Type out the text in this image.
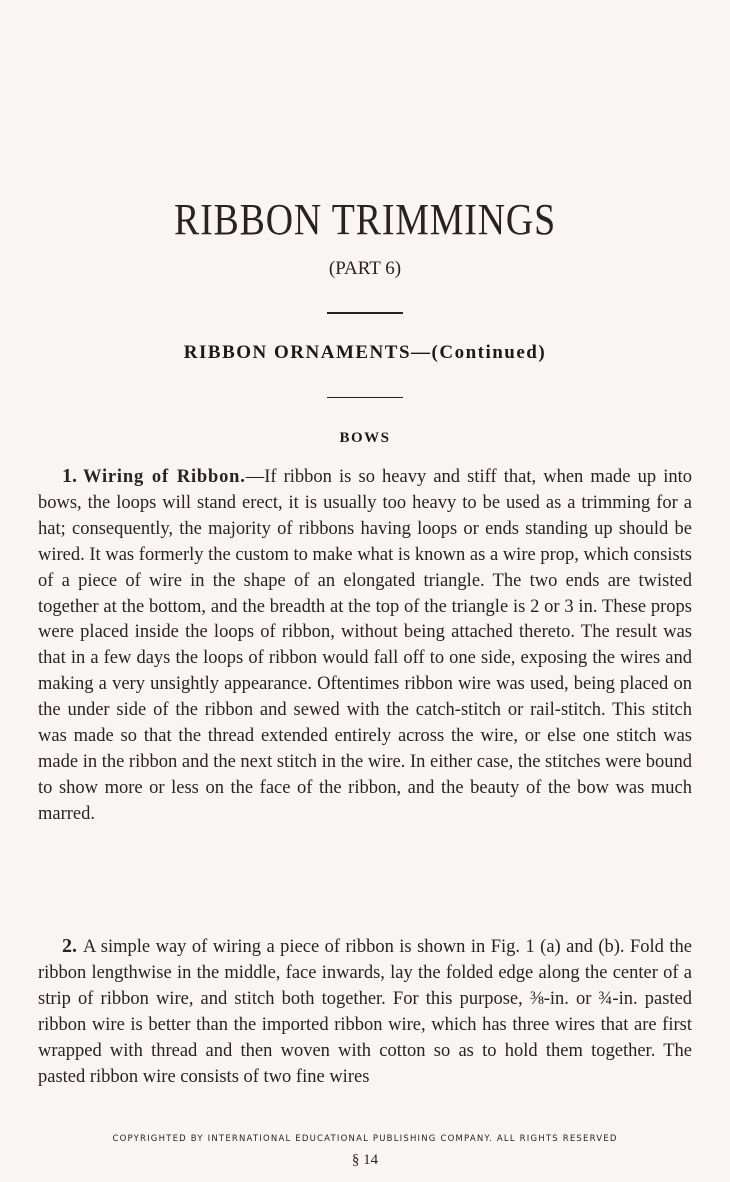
RIBBON TRIMMINGS
(PART 6)
RIBBON ORNAMENTS—(Continued)
BOWS

1. Wiring of Ribbon.—If ribbon is so heavy and stiff that, when made up into bows, the loops will stand erect, it is usually too heavy to be used as a trimming for a hat; consequently, the majority of ribbons having loops or ends standing up should be wired. It was formerly the custom to make what is known as a wire prop, which consists of a piece of wire in the shape of an elongated triangle. The two ends are twisted together at the bottom, and the breadth at the top of the triangle is 2 or 3 in. These props were placed inside the loops of ribbon, without being attached thereto. The result was that in a few days the loops of ribbon would fall off to one side, exposing the wires and making a very unsightly appearance. Oftentimes ribbon wire was used, being placed on the under side of the ribbon and sewed with the catch-stitch or rail-stitch. This stitch was made so that the thread extended entirely across the wire, or else one stitch was made in the ribbon and the next stitch in the wire. In either case, the stitches were bound to show more or less on the face of the ribbon, and the beauty of the bow was much marred.

2. A simple way of wiring a piece of ribbon is shown in Fig. 1 (a) and (b). Fold the ribbon lengthwise in the middle, face inwards, lay the folded edge along the center of a strip of ribbon wire, and stitch both together. For this purpose, ⅜-in. or ¾-in. pasted ribbon wire is better than the imported ribbon wire, which has three wires that are first wrapped with thread and then woven with cotton so as to hold them together. The pasted ribbon wire consists of two fine wires

COPYRIGHTED BY INTERNATIONAL EDUCATIONAL PUBLISHING COMPANY. ALL RIGHTS RESERVED
§ 14
